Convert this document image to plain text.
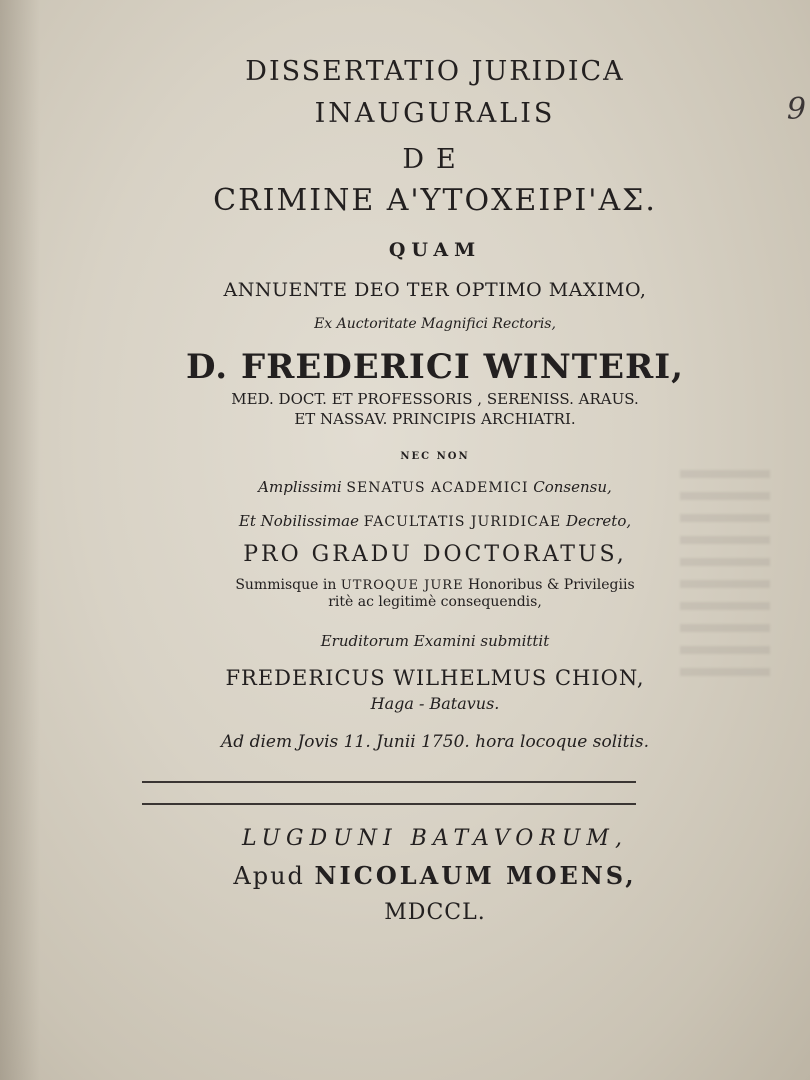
DISSERTATIO JURIDICA
INAUGURALIS
DE
CRIMINE Α'ΥΤΟΧΕΙΡΙ'ΑΣ.
QUAM
ANNUENTE DEO TER OPTIMO MAXIMO,
Ex Auctoritate Magnifici Rectoris,
D. FREDERICI WINTERI,
MED. DOCT. ET PROFESSORIS , SERENISS. ARAUS.
ET NASSAV. PRINCIPIS ARCHIATRI.
NEC NON
Amplissimi SENATUS ACADEMICI Consensu,
Et Nobilissimae FACULTATIS JURIDICAE Decreto,
PRO GRADU DOCTORATUS,
Summisque in UTROQUE JURE Honoribus & Privilegiis
ritè ac legitimè consequendis,
Eruditorum Examini submittit
FREDERICUS WILHELMUS CHION,
Haga - Batavus.
Ad diem Jovis 11. Junii 1750. hora locoque solitis.
LUGDUNI BATAVORUM,
Apud NICOLAUM MOENS,
MDCCL.
9
